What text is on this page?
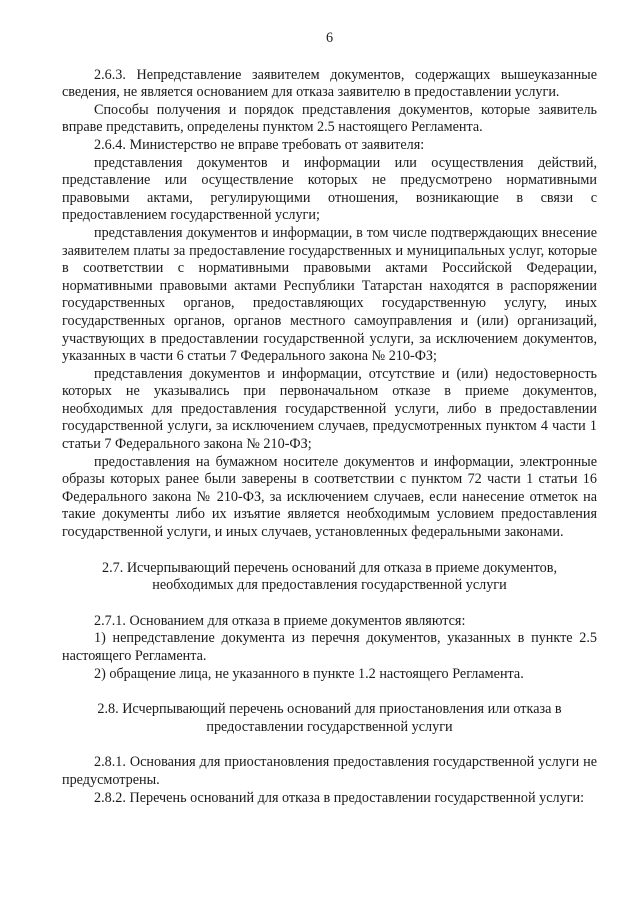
6

2.6.3. Непредставление заявителем документов, содержащих вышеуказанные сведения, не является основанием для отказа заявителю в предоставлении услуги.

Способы получения и порядок представления документов, которые заявитель вправе представить, определены пунктом 2.5 настоящего Регламента.

2.6.4. Министерство не вправе требовать от заявителя:

представления документов и информации или осуществления действий, представление или осуществление которых не предусмотрено нормативными правовыми актами, регулирующими отношения, возникающие в связи с предоставлением государственной услуги;

представления документов и информации, в том числе подтверждающих внесение заявителем платы за предоставление государственных и муниципальных услуг, которые в соответствии с нормативными правовыми актами Российской Федерации, нормативными правовыми актами Республики Татарстан находятся в распоряжении государственных органов, предоставляющих государственную услугу, иных государственных органов, органов местного самоуправления и (или) организаций, участвующих в предоставлении государственной услуги, за исключением документов, указанных в части 6 статьи 7 Федерального закона № 210-ФЗ;

представления документов и информации, отсутствие и (или) недостоверность которых не указывались при первоначальном отказе в приеме документов, необходимых для предоставления государственной услуги, либо в предоставлении государственной услуги, за исключением случаев, предусмотренных пунктом 4 части 1 статьи 7 Федерального закона № 210-ФЗ;

предоставления на бумажном носителе документов и информации, электронные образы которых ранее были заверены в соответствии с пунктом 72 части 1 статьи 16 Федерального закона № 210-ФЗ, за исключением случаев, если нанесение отметок на такие документы либо их изъятие является необходимым условием предоставления государственной услуги, и иных случаев, установленных федеральными законами.

2.7. Исчерпывающий перечень оснований для отказа в приеме документов, необходимых для предоставления государственной услуги

2.7.1. Основанием для отказа в приеме документов являются:

1) непредставление документа из перечня документов, указанных в пункте 2.5 настоящего Регламента.

2) обращение лица, не указанного в пункте 1.2 настоящего Регламента.

2.8. Исчерпывающий перечень оснований для приостановления или отказа в предоставлении государственной услуги

2.8.1. Основания для приостановления предоставления государственной услуги не предусмотрены.

2.8.2. Перечень оснований для отказа в предоставлении государственной услуги:
